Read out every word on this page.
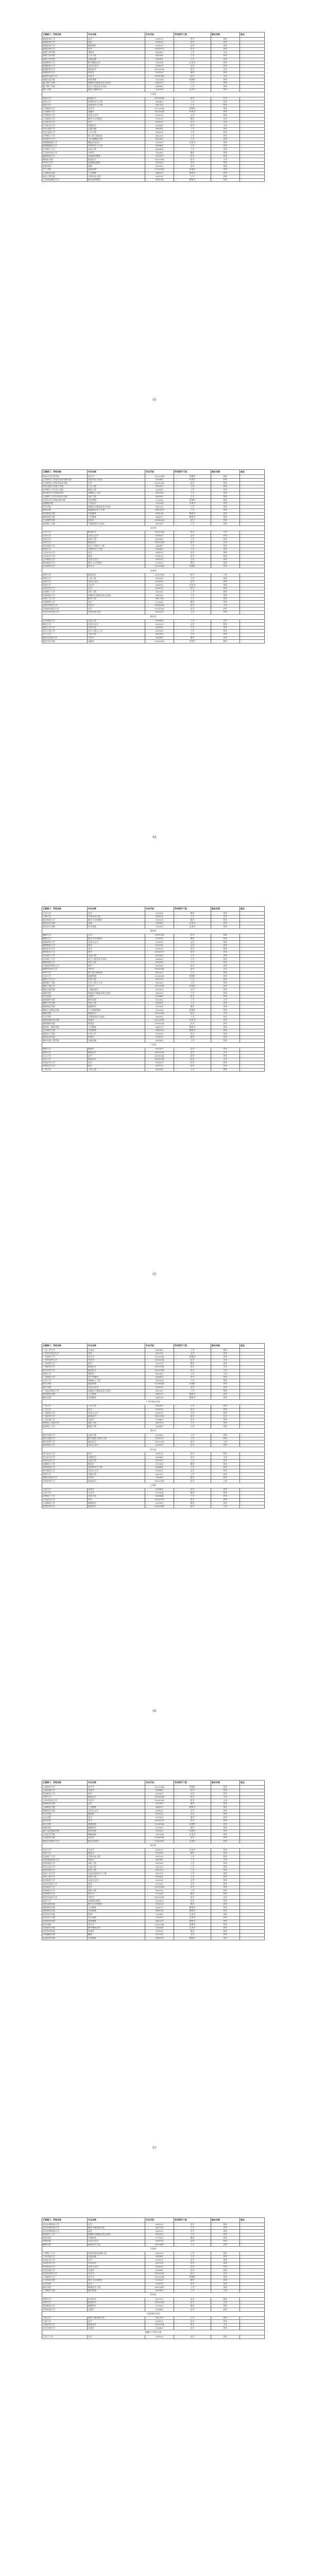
主管部门、学校名称	专业名称	专业代码	学位授予门类	修业年限	备注
福建农林大学	农学	090101	农学	四年	
福建农林大学	园艺	090102	农学	四年	
福建农林大学	植物保护	090103	农学	四年	
福建农林大学	茶学	090107T	农学	四年	
福建工程学院	建筑学	082801	工学	五年	
福建工程学院	土木工程	081001	工学	四年	
福建工程学院	交通运输	081801	工学	四年	
福建师范大学	数字媒体艺术	130508	艺术学	四年	
福建师范大学	汉语言文学	050101	文学	四年	
福建医科大学	临床医学	100201K	医学	五年	
福建医科大学	护理学	101101	理学	四年	
福建中医药大学	中医学	100501K	医学	五年	
福建江夏学院	财务管理	120204	管理学	四年	
厦门理工学院	机械设计制造及其自动化	080202	工学	四年	
厦门理工学院	电气工程及其自动化	080601	工学	四年	
闽江学院	服装与服饰设计	130505	艺术学	四年	
江西省					
南昌大学	临床医学	100201K	医学	五年	
南昌大学	材料科学与工程	080401	工学	四年	
南昌大学	食品科学与工程	082701	工学	四年	
江西财经大学	会计学	120203K	管理学	四年	
江西财经大学	金融学	020301K	经济学	四年	
江西师范大学	汉语言文学	050101	文学	四年	
江西师范大学	数学与应用数学	070101	理学	四年	
江西农业大学	农学	090101	农学	四年	
江西农业大学	动物医学	090401	农学	五年	
华东交通大学	交通运输	081801	工学	四年	
华东交通大学	土木工程	081001	工学	四年	
东华理工大学	核工程与核技术	082201	工学	四年	
南昌航空大学	飞行器制造工程	082003	工学	四年	
景德镇陶瓷大学	陶瓷艺术设计	130507	艺术学	四年	
景德镇陶瓷大学	材料科学与工程	080401	工学	四年	
江西理工大学	冶金工程	080404	工学	四年	
江西中医药大学	中药学	100801	理学	四年	
赣南师范大学	思想政治教育	030503	法学	四年	
赣南医学院	临床医学	100201K	医学	五年	
井冈山大学	思想政治教育	030503	法学	四年	
宜春学院	园林	090502	农学	四年	
九江学院	旅游管理	120901K	管理学	四年	
上饶师范学院	小学教育	040107	教育学	四年	
南昌工程学院	水利水电工程	081101	工学	四年	
江西科技师范大学	职业技术教育	040108	教育学	四年	
93
主管部门、学校名称	专业名称	专业代码	学位授予门类	修业年限	备注
南昌大学共青学院	会计学	120203K	管理学	四年	
江西财经大学现代经济管理学院	国际经济与贸易	020401	经济学	四年	
江西师范大学科学技术学院	法学	030101K	法学	四年	
华东交通大学理工学院	土木工程	081001	工学	四年	
东华理工大学长江学院	地质工程	081401	工学	四年	
南昌航空大学科技学院	机械电子工程	080204	工学	四年	
江西理工大学应用科学学院	采矿工程	081501	工学	四年	
江西农业大学南昌商学院	市场营销	120202	管理学	四年	
景德镇学院	产品设计	130504	艺术学	四年	
萍乡学院	机械设计制造及其自动化	080202	工学	四年	
新余学院	新能源科学与工程	080503T	工学	四年	
南昌师范学院	学前教育	040106	教育学	四年	
豫章师范学院	小学教育	040107	教育学	四年	
江西警察学院	治安学	030602K	法学	四年	
南昌理工学院	计算机科学与技术	080901	工学	四年	
山东省					
山东大学	临床医学	100201K	医学	五年	
山东大学	汉语言文学	050101	文学	四年	
青岛大学	纺织工程	081601	工学	四年	
青岛大学	临床医学	100201K	医学	五年	
青岛科技大学	高分子材料与工程	080407	工学	四年	
济南大学	材料科学与工程	080401	工学	四年	
山东农业大学	农学	090101	农学	四年	
山东农业大学	园艺	090102	农学	四年	
山东师范大学	汉语言文学	050101	文学	四年	
曲阜师范大学	数学与应用数学	070101	理学	四年	
山东财经大学	会计学	120203K	管理学	四年	
河南省					
郑州大学	临床医学	100201K	医学	五年	
郑州大学	土木工程	081001	工学	四年	
河南大学	汉语言文学	050101	文学	四年	
河南大学	历史学	060101	历史学	四年	
河南农业大学	农学	090101	农学	四年	
河南理工大学	采矿工程	081501	工学	四年	
河南科技大学	机械设计制造及其自动化	080202	工学	四年	
河南工业大学	粮食工程	082704	工学	四年	
河南师范大学	化学	070301	理学	四年	
河南中医药大学	中医学	100501K	医学	五年	
河南财经政法大学	法学	030101K	法学	四年	
华北水利水电大学	水利水电工程	081101	工学	四年	
湖北省					
武汉科技大学	冶金工程	080404	工学	四年	
湖北大学	汉语言文学	050101	文学	四年	
湖北工业大学	生物工程	083001	工学	四年	
武汉工程大学	化学工程与工艺	081301	工学	四年	
长江大学	石油工程	081502	工学	四年	
湖北中医药大学	中药学	100801	理学	四年	
湖北经济学院	金融学	020301K	经济学	四年	
94
主管部门、学校名称	专业名称	专业代码	学位授予门类	修业年限	备注
江汉大学	化学	070301	理学	四年	
三峡大学	水利水电工程	081101	工学	四年	
湖北师范大学	数学与应用数学	070101	理学	四年	
湖北美术学院	绘画	130402	艺术学	四年	
武汉音乐学院	音乐表演	130201	艺术学	四年	
湖南省					
湘潭大学	法学	030101K	法学	四年	
湘潭大学	数学与应用数学	070101	理学	四年	
湖南师范大学	汉语言文学	050101	文学	四年	
湖南师范大学	英语	050201	文学	四年	
湖南农业大学	农学	090101	农学	四年	
湖南农业大学	茶学	090107T	农学	四年	
长沙理工大学	交通工程	081802	工学	四年	
长沙理工大学	电气工程及其自动化	080601	工学	四年	
湖南科技大学	采矿工程	081501	工学	四年	
中南林业科技大学	林学	090501	农学	四年	
湖南中医药大学	中医学	100501K	医学	五年	
南华大学	核工程与核技术	082201	工学	四年	
吉首大学	旅游管理	120901K	管理学	四年	
湖南工业大学	包装工程	081702	工学	四年	
湖南理工学院	化学工程与工艺	081301	工学	四年	
湖南工商大学	会计学	120203K	管理学	四年	
湖南文理学院	广播电视学	050302	文学	四年	
邵阳学院	机械设计制造及其自动化	080202	工学	四年	
怀化学院	民族学	030401	法学	四年	
湖南城市学院	城乡规划	082802	工学	五年	
湖南工程学院	纺织工程	081601	工学	四年	
衡阳师范学院	地理科学	070501	理学	四年	
湖南人文科技学院	人力资源管理	120206	管理学	四年	
湘南学院	临床医学	100201K	医学	五年	
长沙学院	计算机科学与技术	080901	工学	四年	
湖南财政经济学院	财政学	020201K	经济学	四年	
湖南警察学院	侦查学	030602K	法学	四年	
湖南第一师范学院	小学教育	040107	教育学	四年	
长沙师范学院	学前教育	040106	教育学	四年	
湖南女子学院	社会工作	030302	法学	四年	
湖南医药学院	护理学	101101	理学	四年	
湖南交通工程学院	交通运输	081801	工学	四年	
广东省					
暨南大学	新闻学	050301	文学	四年	
暨南大学	临床医学	100201K	医学	五年	
汕头大学	法学	030101K	法学	四年	
汕头大学	临床医学	100201K	医学	五年	
华南农业大学	农学	090101	农学	四年	
华南农业大学	园艺	090102	农学	四年	
广州大学	土木工程	081001	工学	四年	
95
主管部门、学校名称	专业名称	专业代码	学位授予门类	修业年限	备注
广东工业大学	自动化	080801	工学	四年	
广东外语外贸大学	英语	050201	文学	四年	
广东财经大学	会计学	120203K	管理学	四年	
广州中医药大学	中医学	100501K	医学	五年	
广东药科大学	药学	100701	理学	四年	
广州医科大学	临床医学	100201K	医学	五年	
南方医科大学	临床医学	100201K	医学	五年	
深圳大学	建筑学	082801	工学	五年	
广东海洋大学	水产养殖学	090601	农学	四年	
五邑大学	机械电子工程	080204	工学	四年	
韶关学院	旅游管理	120901K	管理学	四年	
嘉应学院	汉语言文学	050101	文学	四年	
广东技术师范大学	机械设计制造及其自动化	080202	工学	四年	
岭南师范学院	小学教育	040107	教育学	四年	
肇庆学院	学前教育	040106	教育学	四年	
广西壮族自治区					
广西大学	土木工程	081001	工学	四年	
广西大学	农学	090101	农学	四年	
广西师范大学	汉语言文学	050101	文学	四年	
广西医科大学	临床医学	100201K	医学	五年	
广西民族大学	民族学	030401	法学	四年	
桂林电子科技大学	通信工程	080703	工学	四年	
桂林理工大学	地质工程	081401	工学	四年	
重庆市					
重庆交通大学	交通工程	081802	工学	四年	
重庆交通大学	港口航道与海岸工程	081103	工学	四年	
重庆医科大学	临床医学	100201K	医学	五年	
重庆师范大学	汉语言文学	050101	文学	四年	
四川省					
四川农业大学	农学	090101	农学	四年	
四川农业大学	动物医学	090401	农学	五年	
西南石油大学	石油工程	081502	工学	四年	
成都理工大学	地质学	070901	理学	四年	
西南科技大学	材料科学与工程	080401	工学	四年	
四川师范大学	汉语言文学	050101	文学	四年	
西华大学	车辆工程	080207	工学	四年	
成都中医药大学	中药学	100801	理学	四年	
西南医科大学	临床医学	100201K	医学	五年	
云南省					
云南大学	民族学	030401	法学	四年	
云南大学	生态学	071004	理学	四年	
昆明理工大学	冶金工程	080404	工学	四年	
云南农业大学	茶学	090107T	农学	四年	
云南师范大学	地理科学	070501	理学	四年	
昆明医科大学	临床医学	100201K	医学	五年	
96
主管部门、学校名称	专业名称	专业代码	学位授予门类	修业年限	备注
云南财经大学	会计学	120203K	管理学	四年	
云南民族大学	民族学	030401	法学	四年	
西南林业大学	林学	090501	农学	四年	
大理大学	临床医学	100201K	医学	五年	
云南中医药大学	中医学	100501K	医学	五年	
曲靖师范学院	化学	070301	理学	四年	
玉溪师范学院	小学教育	040107	教育学	四年	
楚雄师范学院	汉语言文学	050101	文学	四年	
红河学院	越南语	050222	文学	四年	
文山学院	化学	070301	理学	四年	
普洱学院	茶学	090107T	农学	四年	
保山学院	旅游管理	120901K	管理学	四年	
昭通学院	地理科学	070501	理学	四年	
丽江文化旅游学院	酒店管理	120902	管理学	四年	
云南艺术学院	舞蹈表演	130204	艺术学	四年	
云南警官学院	治安学	030602K	法学	四年	
滇西应用技术大学	珠宝及材料	130509T	艺术学	四年	
陕西省					
西北大学	历史学	060101	历史学	四年	
西北大学	地质学	070901	理学	四年	
西安理工大学	水利水电工程	081101	工学	四年	
西安建筑科技大学	建筑学	082801	工学	五年	
西安科技大学	采矿工程	081501	工学	四年	
西安石油大学	石油工程	081502	工学	四年	
陕西科技大学	轻化工程	081702	工学	四年	
西安工业大学	光电信息科学与工程	080705	工学	四年	
西安工程大学	纺织工程	081601	工学	四年	
陕西师范大学	汉语言文学	050101	文学	四年	
西安外国语大学	英语	050201	文学	四年	
西北政法大学	法学	030101K	法学	四年	
西安邮电大学	通信工程	080703	工学	四年	
西安财经大学	统计学	071201	理学	四年	
陕西中医药大学	中医学	100501K	医学	五年	
延安大学	思想政治教育	030503	法学	四年	
宝鸡文理学院	数学与应用数学	070101	理学	四年	
咸阳师范学院	小学教育	040107	教育学	四年	
渭南师范学院	学前教育	040106	教育学	四年	
西安美术学院	绘画	130402	艺术学	四年	
西安音乐学院	音乐表演	130201	艺术学	四年	
西安体育学院	体育教育	040201	教育学	四年	
西京学院	会计学	120203K	管理学	四年	
西安欧亚学院	数字媒体艺术	130508	艺术学	四年	
西安外事学院	护理学	101101	理学	四年	
西安翻译学院	翻译	050261	文学	四年	
西安培华学院	学前教育	040106	教育学	四年	
97
主管部门、学校名称	专业名称	专业代码	学位授予门类	修业年限	备注
西北农林科技大学	农学	090101	农学	四年	
西北农林科技大学	葡萄与葡萄酒工程	082705	工学	四年	
西北农林科技大学	园艺	090102	农学	四年	
陕西理工大学	机械设计制造及其自动化	080202	工学	四年	
商洛学院	生物技术	071002	理学	四年	
安康学院	汉语言文学	050101	文学	四年	
榆林学院	能源化学工程	081304T	工学	四年	
甘肃省					
兰州理工大学	材料成型及控制工程	080203	工学	四年	
兰州交通大学	交通运输	081801	工学	四年	
甘肃农业大学	农学	090101	农学	四年	
甘肃农业大学	草业科学	090701	农学	四年	
西北师范大学	汉语言文学	050101	文学	四年	
西北民族大学	民族学	030401	法学	四年	
甘肃中医药大学	中医学	100501K	医学	五年	
兰州财经大学	会计学	120203K	管理学	四年	
天水师范学院	数学与应用数学	070101	理学	四年	
河西学院	农学	090101	农学	四年	
陇东学院	能源化学工程	081304T	工学	四年	
兰州城市学院	城乡规划	082802	工学	五年	
青海省					
青海大学	草业科学	090701	农学	四年	
青海大学	临床医学	100201K	医学	五年	
青海师范大学	地理科学	070501	理学	四年	
青海民族大学	民族学	030401	法学	四年	
宁夏回族自治区					
宁夏大学	葡萄与葡萄酒工程	082705	工学	四年	
宁夏大学	农学	090101	农学	四年	
宁夏医科大学	临床医学	100201K	医学	五年	
北方民族大学	民族学	030401	法学	四年	
新疆生产建设兵团					
石河子大学	农学	090101	农学	四年	
